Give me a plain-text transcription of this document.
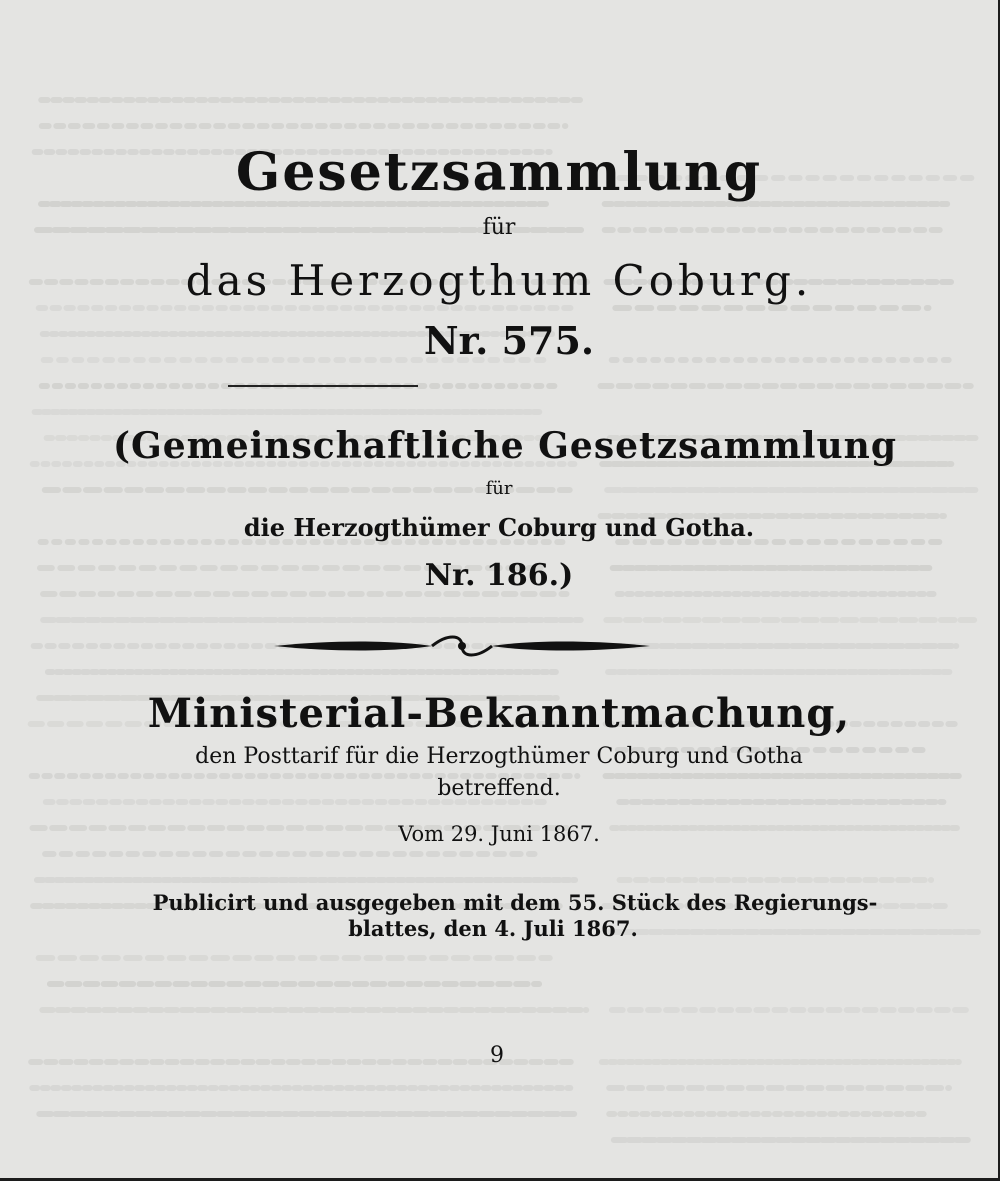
Gesetzsammlung
für
das Herzogthum Coburg.
Nr. 575.
(Gemeinschaftliche Gesetzsammlung
für
die Herzogthümer Coburg und Gotha.
Nr. 186.)
Ministerial-Bekanntmachung,
den Posttarif für die Herzogthümer Coburg und Gotha
betreffend.
Vom 29. Juni 1867.
Publicirt und ausgegeben mit dem 55. Stück des Regierungs-
blattes, den 4. Juli 1867.
9
